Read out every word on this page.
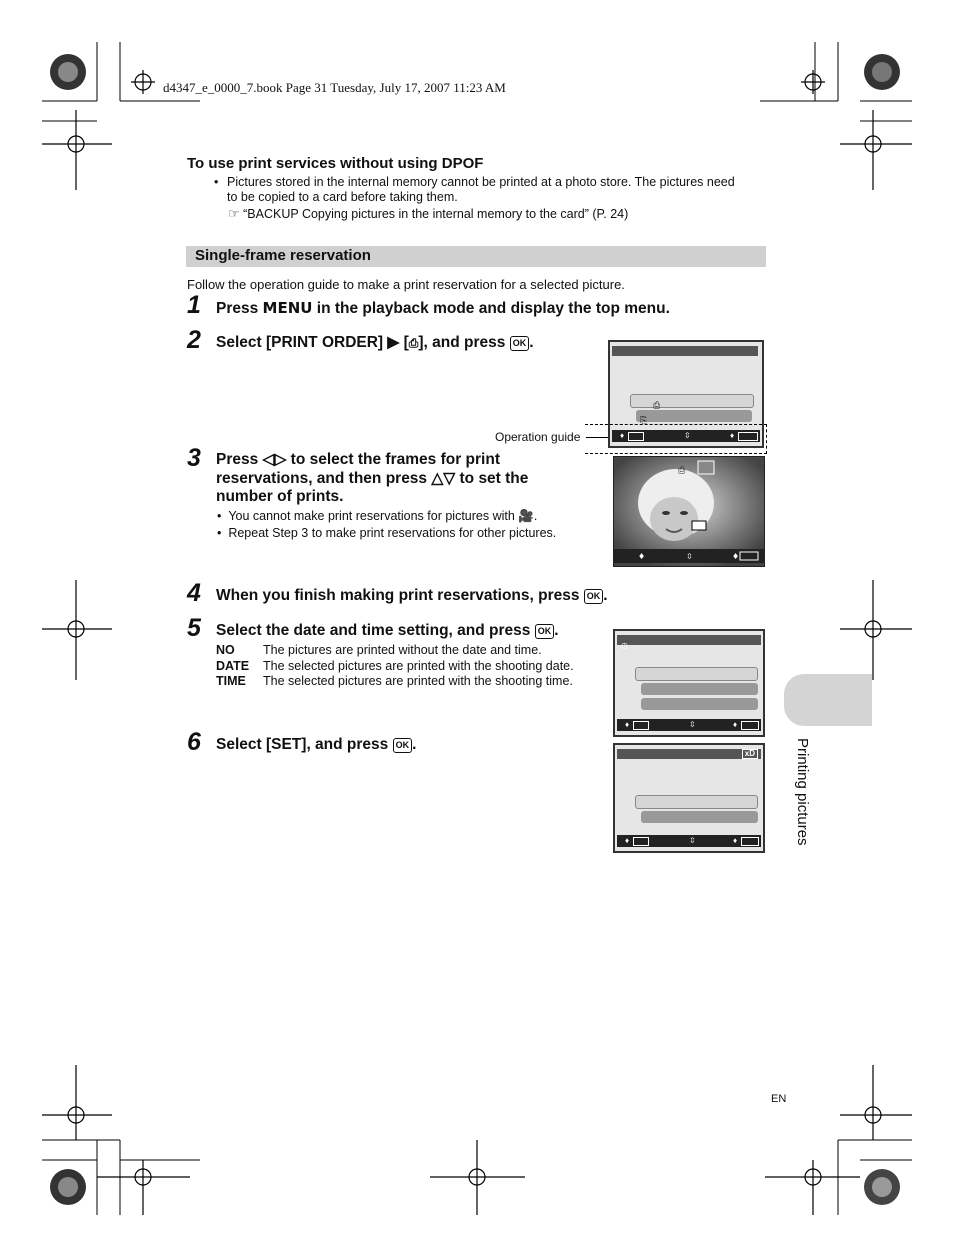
d4347_e_0000_7.book Page 31 Tuesday, July 17, 2007 11:23 AM
To use print services without using DPOF
• Pictures stored in the internal memory cannot be printed at a photo store. The pictures need
to be copied to a card before taking them.
☞ “BACKUP Copying pictures in the internal memory to the card” (P. 24)
Single-frame reservation
Follow the operation guide to make a print reservation for a selected picture.
1 Press MENU in the playback mode and display the top menu.
2 Select [PRINT ORDER] ▶ [⎙], and press OK .
3 Press ◁▷ to select the frames for print
reservations, and then press △▽ to set the
number of prints.
•  You cannot make print reservations for pictures with 🎥.
•  Repeat Step 3 to make print reservations for other pictures.
4 When you finish making print reservations, press OK .
5 Select the date and time setting, and press OK .
NO	The pictures are printed without the date and time.
DATE	The selected pictures are printed with the shooting date.
TIME	The selected pictures are printed with the shooting time.
6 Select [SET], and press OK .
⎙
⎘
♦	⇳	♦
Operation guide
⎙
♦	⇳	♦
◷
♦	⇳	♦
xD
♦	⇳	♦	Printing pictures
EN
